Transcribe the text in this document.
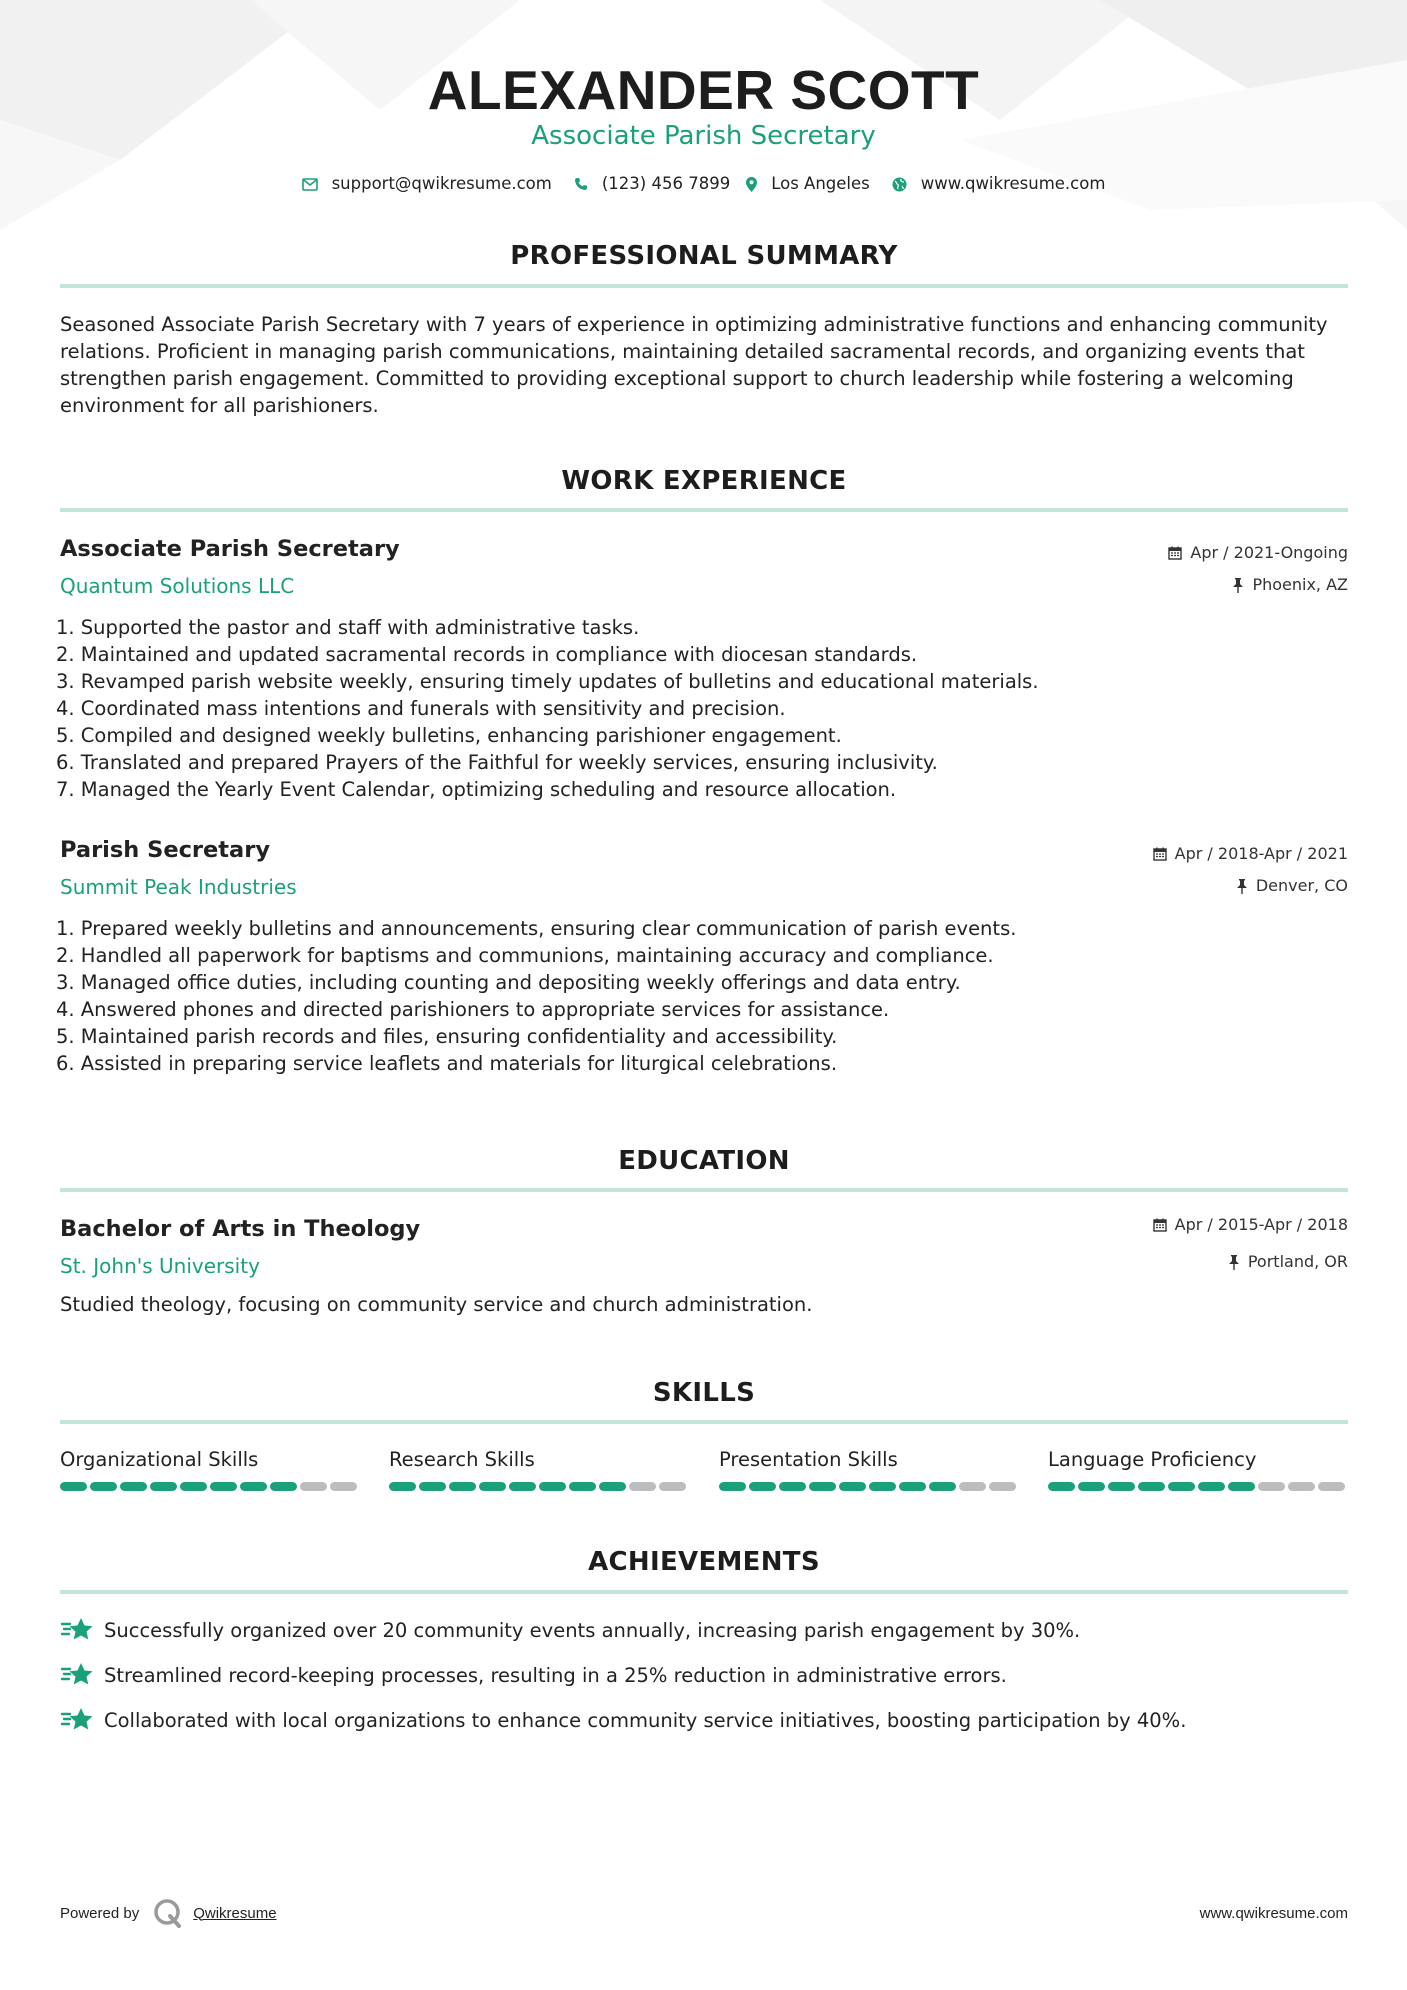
ALEXANDER SCOTT
Associate Parish Secretary
support@qwikresume.com	(123) 456 7899 Los Angeles	www.qwikresume.com
PROFESSIONAL SUMMARY
Seasoned Associate Parish Secretary with 7 years of experience in optimizing administrative functions and enhancing community relations. Proficient in managing parish communications, maintaining detailed sacramental records, and organizing events that strengthen parish engagement. Committed to providing exceptional support to church leadership while fostering a welcoming environment for all parishioners.
WORK EXPERIENCE
Associate Parish Secretary
Quantum Solutions LLC
Apr / 2021-Ongoing
Phoenix, AZ
1. Supported the pastor and staff with administrative tasks.
2. Maintained and updated sacramental records in compliance with diocesan standards.
3. Revamped parish website weekly, ensuring timely updates of bulletins and educational materials.
4. Coordinated mass intentions and funerals with sensitivity and precision.
5. Compiled and designed weekly bulletins, enhancing parishioner engagement.
6. Translated and prepared Prayers of the Faithful for weekly services, ensuring inclusivity.
7. Managed the Yearly Event Calendar, optimizing scheduling and resource allocation.
Parish Secretary
Summit Peak Industries
Apr / 2018-Apr / 2021
Denver, CO
1. Prepared weekly bulletins and announcements, ensuring clear communication of parish events.
2. Handled all paperwork for baptisms and communions, maintaining accuracy and compliance.
3. Managed office duties, including counting and depositing weekly offerings and data entry.
4. Answered phones and directed parishioners to appropriate services for assistance.
5. Maintained parish records and files, ensuring confidentiality and accessibility.
6. Assisted in preparing service leaflets and materials for liturgical celebrations.
EDUCATION
Bachelor of Arts in Theology
St. John's University
Apr / 2015-Apr / 2018
Portland, OR
Studied theology, focusing on community service and church administration.
SKILLS
Organizational Skills	Research Skills	Presentation Skills	Language Proficiency
ACHIEVEMENTS
Successfully organized over 20 community events annually, increasing parish engagement by 30%.
Streamlined record-keeping processes, resulting in a 25% reduction in administrative errors.
Collaborated with local organizations to enhance community service initiatives, boosting participation by 40%.
Powered by	Qwikresume	www.qwikresume.com
